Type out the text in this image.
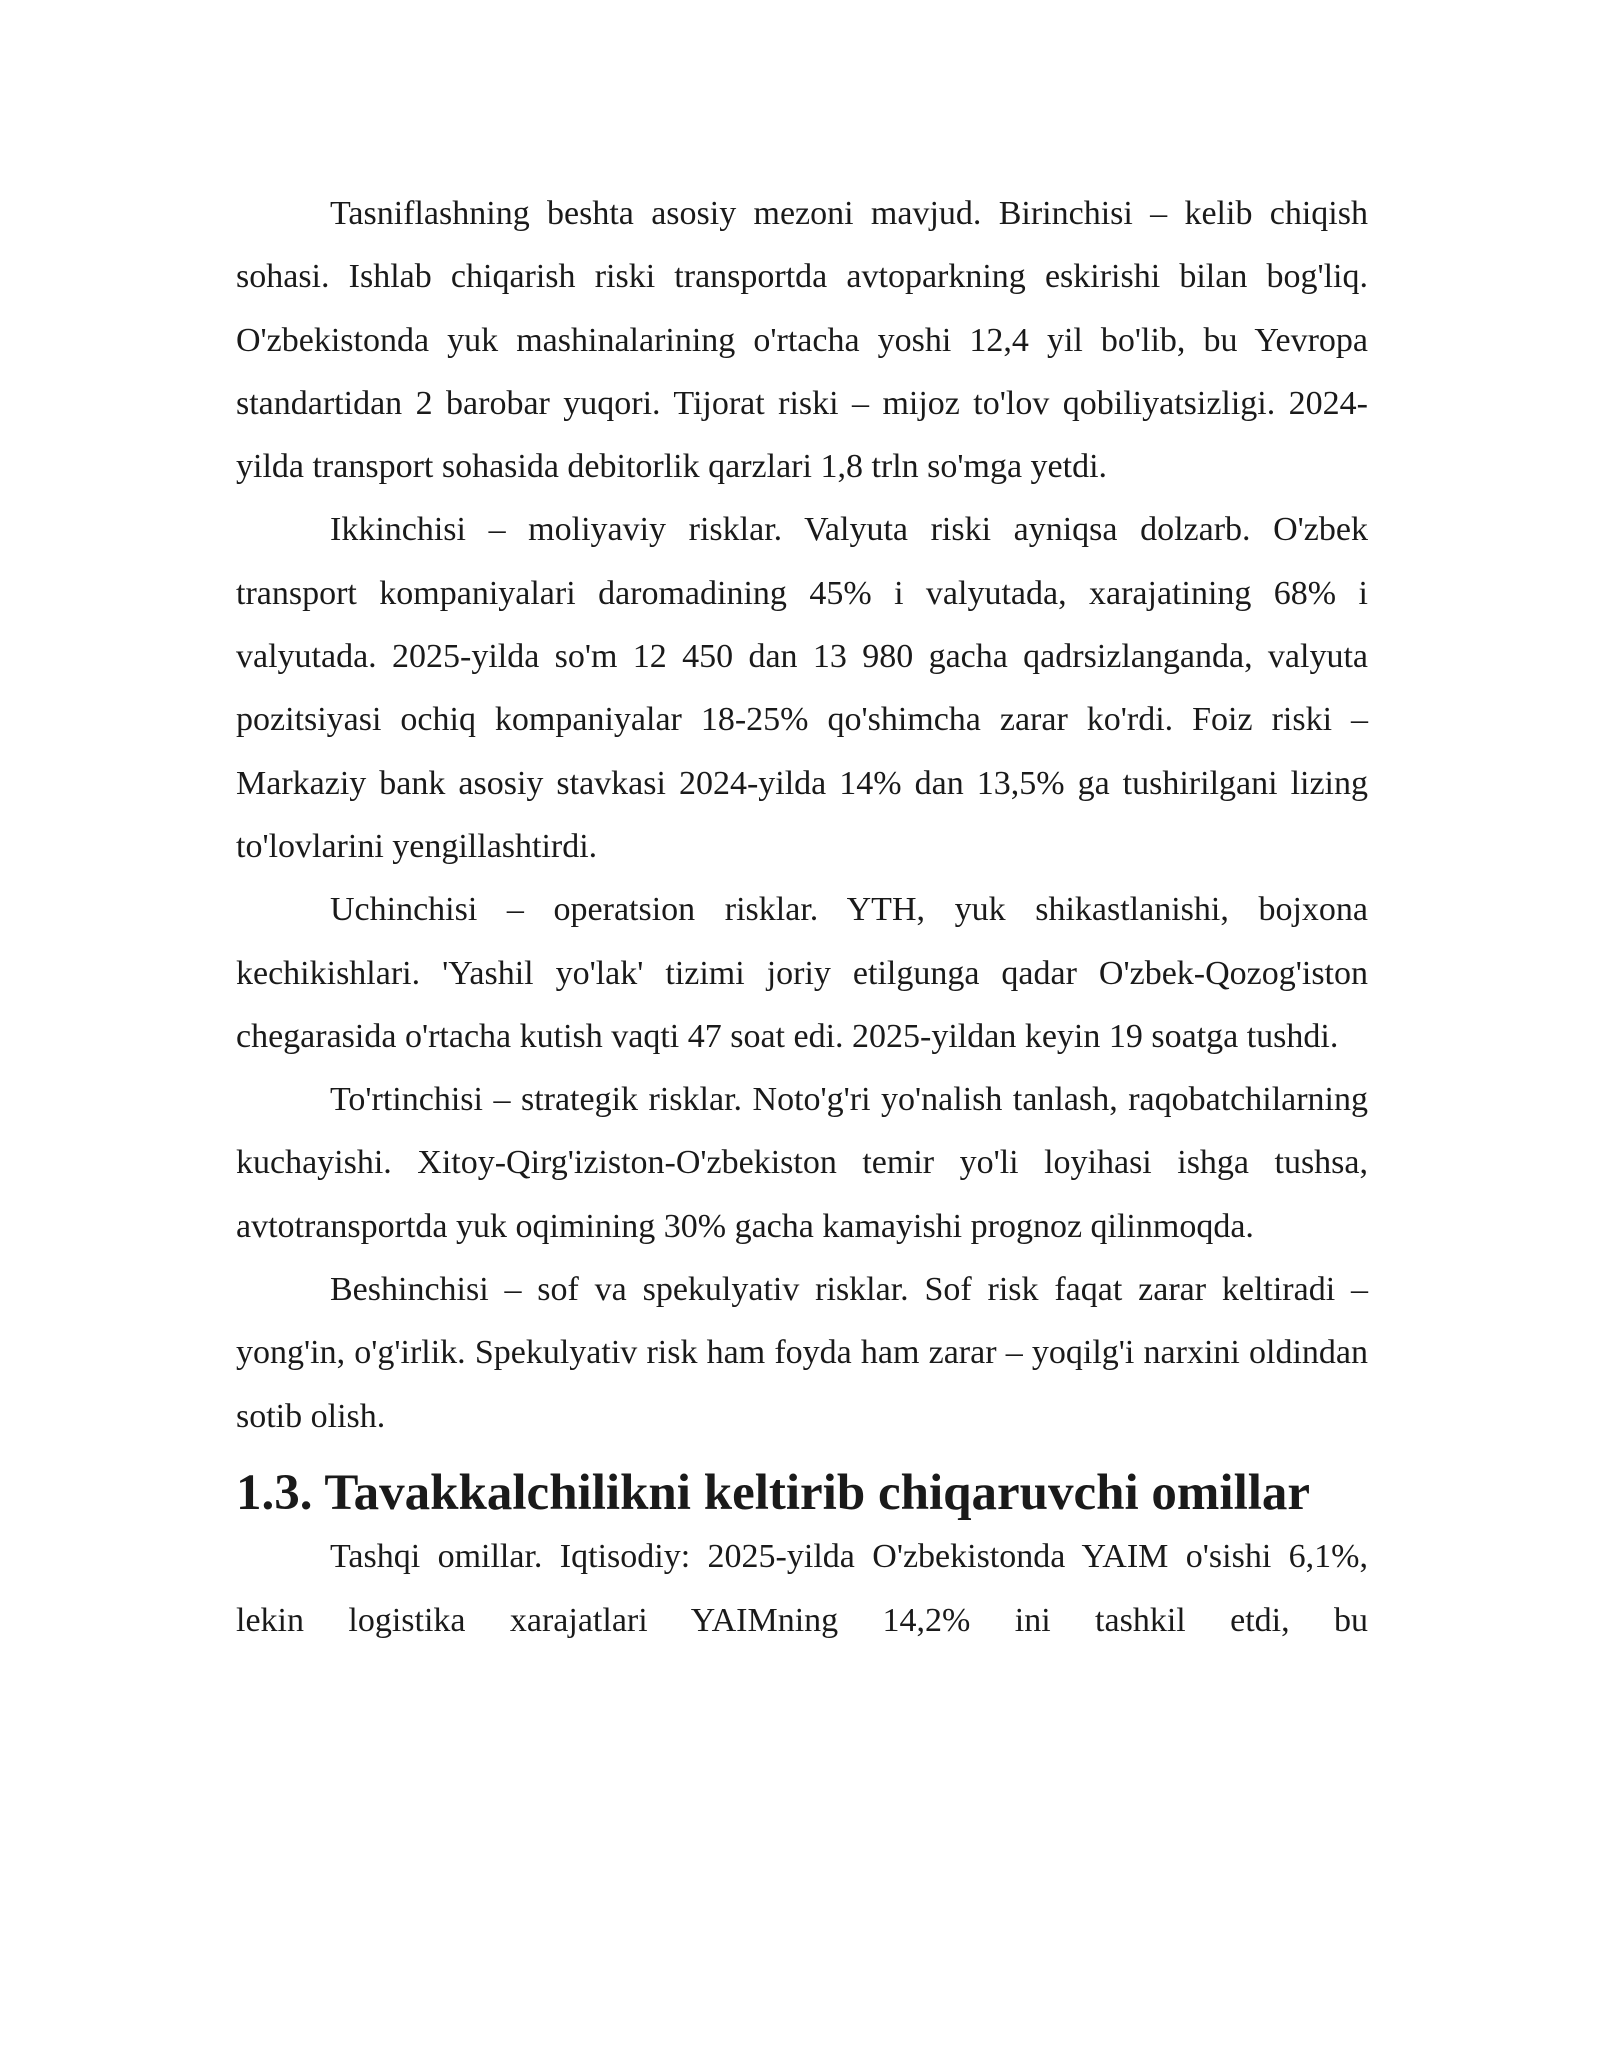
Tasniflashning beshta asosiy mezoni mavjud. Birinchisi – kelib chiqish sohasi. Ishlab chiqarish riski transportda avtoparkning eskirishi bilan bog'liq. O'zbekistonda yuk mashinalarining o'rtacha yoshi 12,4 yil bo'lib, bu Yevropa standartidan 2 barobar yuqori. Tijorat riski – mijoz to'lov qobiliyatsizligi. 2024-yilda transport sohasida debitorlik qarzlari 1,8 trln so'mga yetdi.

Ikkinchisi – moliyaviy risklar. Valyuta riski ayniqsa dolzarb. O'zbek transport kompaniyalari daromadining 45% i valyutada, xarajatining 68% i valyutada. 2025-yilda so'm 12 450 dan 13 980 gacha qadrsizlanganda, valyuta pozitsiyasi ochiq kompaniyalar 18-25% qo'shimcha zarar ko'rdi. Foiz riski – Markaziy bank asosiy stavkasi 2024-yilda 14% dan 13,5% ga tushirilgani lizing to'lovlarini yengillashtirdi.

Uchinchisi – operatsion risklar. YTH, yuk shikastlanishi, bojxona kechikishlari. 'Yashil yo'lak' tizimi joriy etilgunga qadar O'zbek-Qozog'iston chegarasida o'rtacha kutish vaqti 47 soat edi. 2025-yildan keyin 19 soatga tushdi.

To'rtinchisi – strategik risklar. Noto'g'ri yo'nalish tanlash, raqobatchilarning kuchayishi. Xitoy-Qirg'iziston-O'zbekiston temir yo'li loyihasi ishga tushsa, avtotransportda yuk oqimining 30% gacha kamayishi prognoz qilinmoqda.

Beshinchisi – sof va spekulyativ risklar. Sof risk faqat zarar keltiradi – yong'in, o'g'irlik. Spekulyativ risk ham foyda ham zarar – yoqilg'i narxini oldindan sotib olish.

1.3. Tavakkalchilikni keltirib chiqaruvchi omillar

Tashqi omillar. Iqtisodiy: 2025-yilda O'zbekistonda YAIM o'sishi 6,1%, lekin logistika xarajatlari YAIMning 14,2% ini tashkil etdi, bu
